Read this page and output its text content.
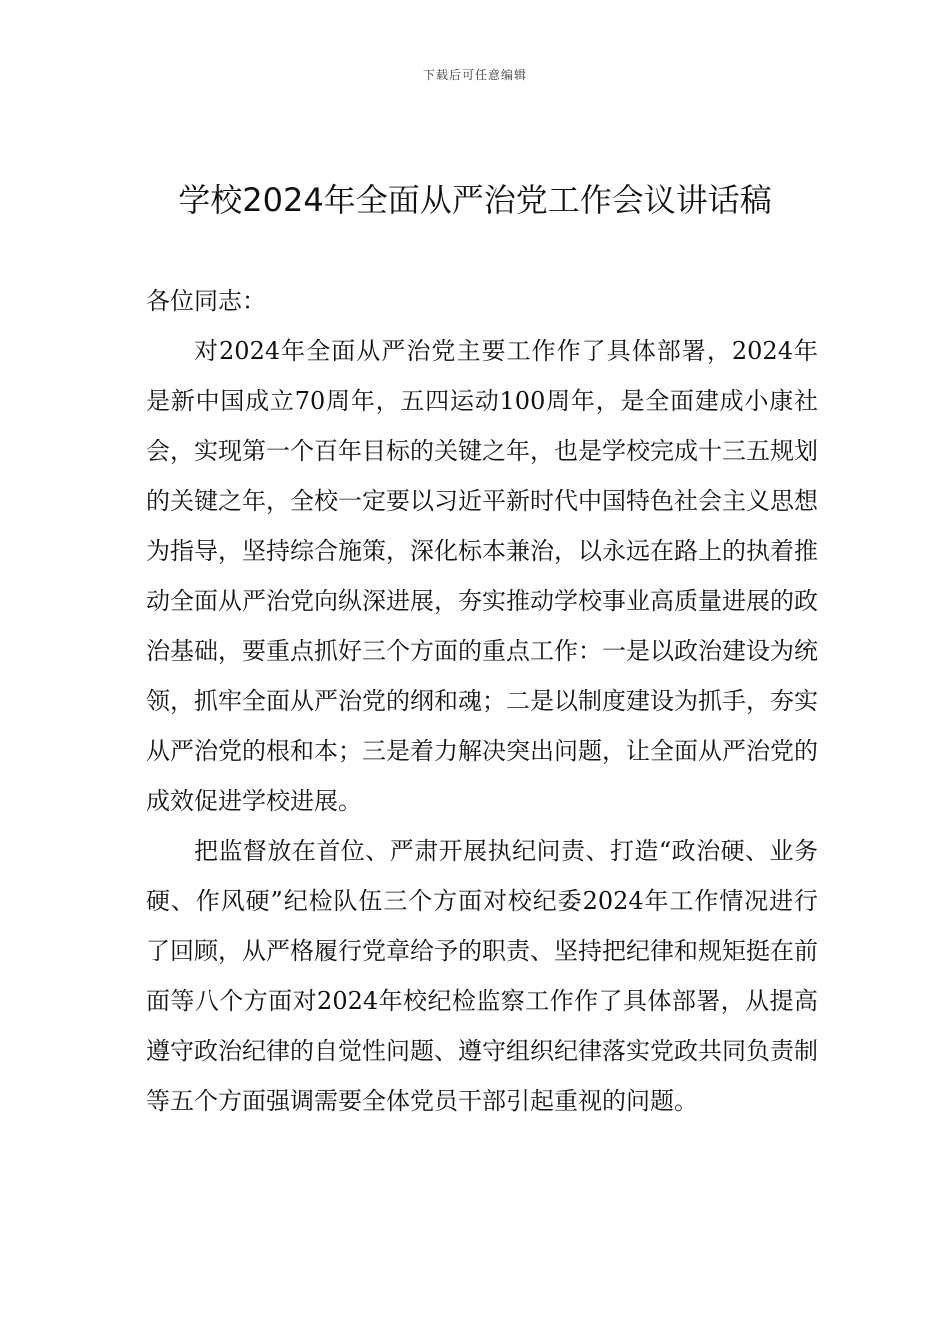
下载后可任意编辑
学校2024年全面从严治党工作会议讲话稿

各位同志：

对2024年全面从严治党主要工作作了具体部署，2024年是新中国成立70周年，五四运动100周年，是全面建成小康社会，实现第一个百年目标的关键之年，也是学校完成十三五规划的关键之年，全校一定要以习近平新时代中国特色社会主义思想为指导，坚持综合施策，深化标本兼治，以永远在路上的执着推动全面从严治党向纵深进展，夯实推动学校事业高质量进展的政治基础，要重点抓好三个方面的重点工作：一是以政治建设为统领，抓牢全面从严治党的纲和魂；二是以制度建设为抓手，夯实从严治党的根和本；三是着力解决突出问题，让全面从严治党的成效促进学校进展。

把监督放在首位、严肃开展执纪问责、打造“政治硬、业务硬、作风硬”纪检队伍三个方面对校纪委2024年工作情况进行了回顾，从严格履行党章给予的职责、坚持把纪律和规矩挺在前面等八个方面对2024年校纪检监察工作作了具体部署，从提高遵守政治纪律的自觉性问题、遵守组织纪律落实党政共同负责制等五个方面强调需要全体党员干部引起重视的问题。
